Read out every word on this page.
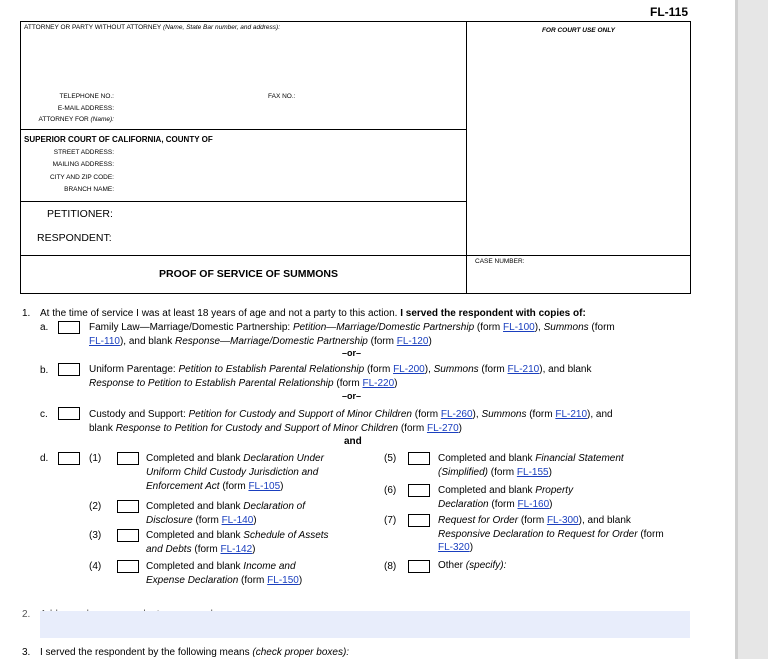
FL-115
ATTORNEY OR PARTY WITHOUT ATTORNEY (Name, State Bar number, and address):	FOR COURT USE ONLY
TELEPHONE NO.:	FAX NO.:
E-MAIL ADDRESS:
ATTORNEY FOR (Name):
SUPERIOR COURT OF CALIFORNIA, COUNTY OF
STREET ADDRESS:
MAILING ADDRESS:
CITY AND ZIP CODE:
BRANCH NAME:
PETITIONER:
RESPONDENT:
PROOF OF SERVICE OF SUMMONS
CASE NUMBER:
1. At the time of service I was at least 18 years of age and not a party to this action. I served the respondent with copies of:
a.	Family Law—Marriage/Domestic Partnership: Petition—Marriage/Domestic Partnership (form FL-100), Summons (form
FL-110), and blank Response—Marriage/Domestic Partnership (form FL-120)
–or–
b.	Uniform Parentage: Petition to Establish Parental Relationship (form FL-200), Summons (form FL-210), and blank
Response to Petition to Establish Parental Relationship (form FL-220)
–or–
c.	Custody and Support: Petition for Custody and Support of Minor Children (form FL-260), Summons (form FL-210), and
blank Response to Petition for Custody and Support of Minor Children (form FL-270)
and
d.	(1)	Completed and blank Declaration Under
Uniform Child Custody Jurisdiction and
Enforcement Act (form FL-105)
(2)	Completed and blank Declaration of
Disclosure (form FL-140)
(3)	Completed and blank Schedule of Assets
and Debts (form FL-142)
(4)	Completed and blank Income and
Expense Declaration (form FL-150)
(5)	Completed and blank Financial Statement
(Simplified) (form FL-155)
(6)	Completed and blank Property
Declaration (form FL-160)
(7)	Request for Order (form FL-300), and blank
Responsive Declaration to Request for Order (form
FL-320)
(8)	Other (specify):
2.
3. I served the respondent by the following means (check proper boxes):
